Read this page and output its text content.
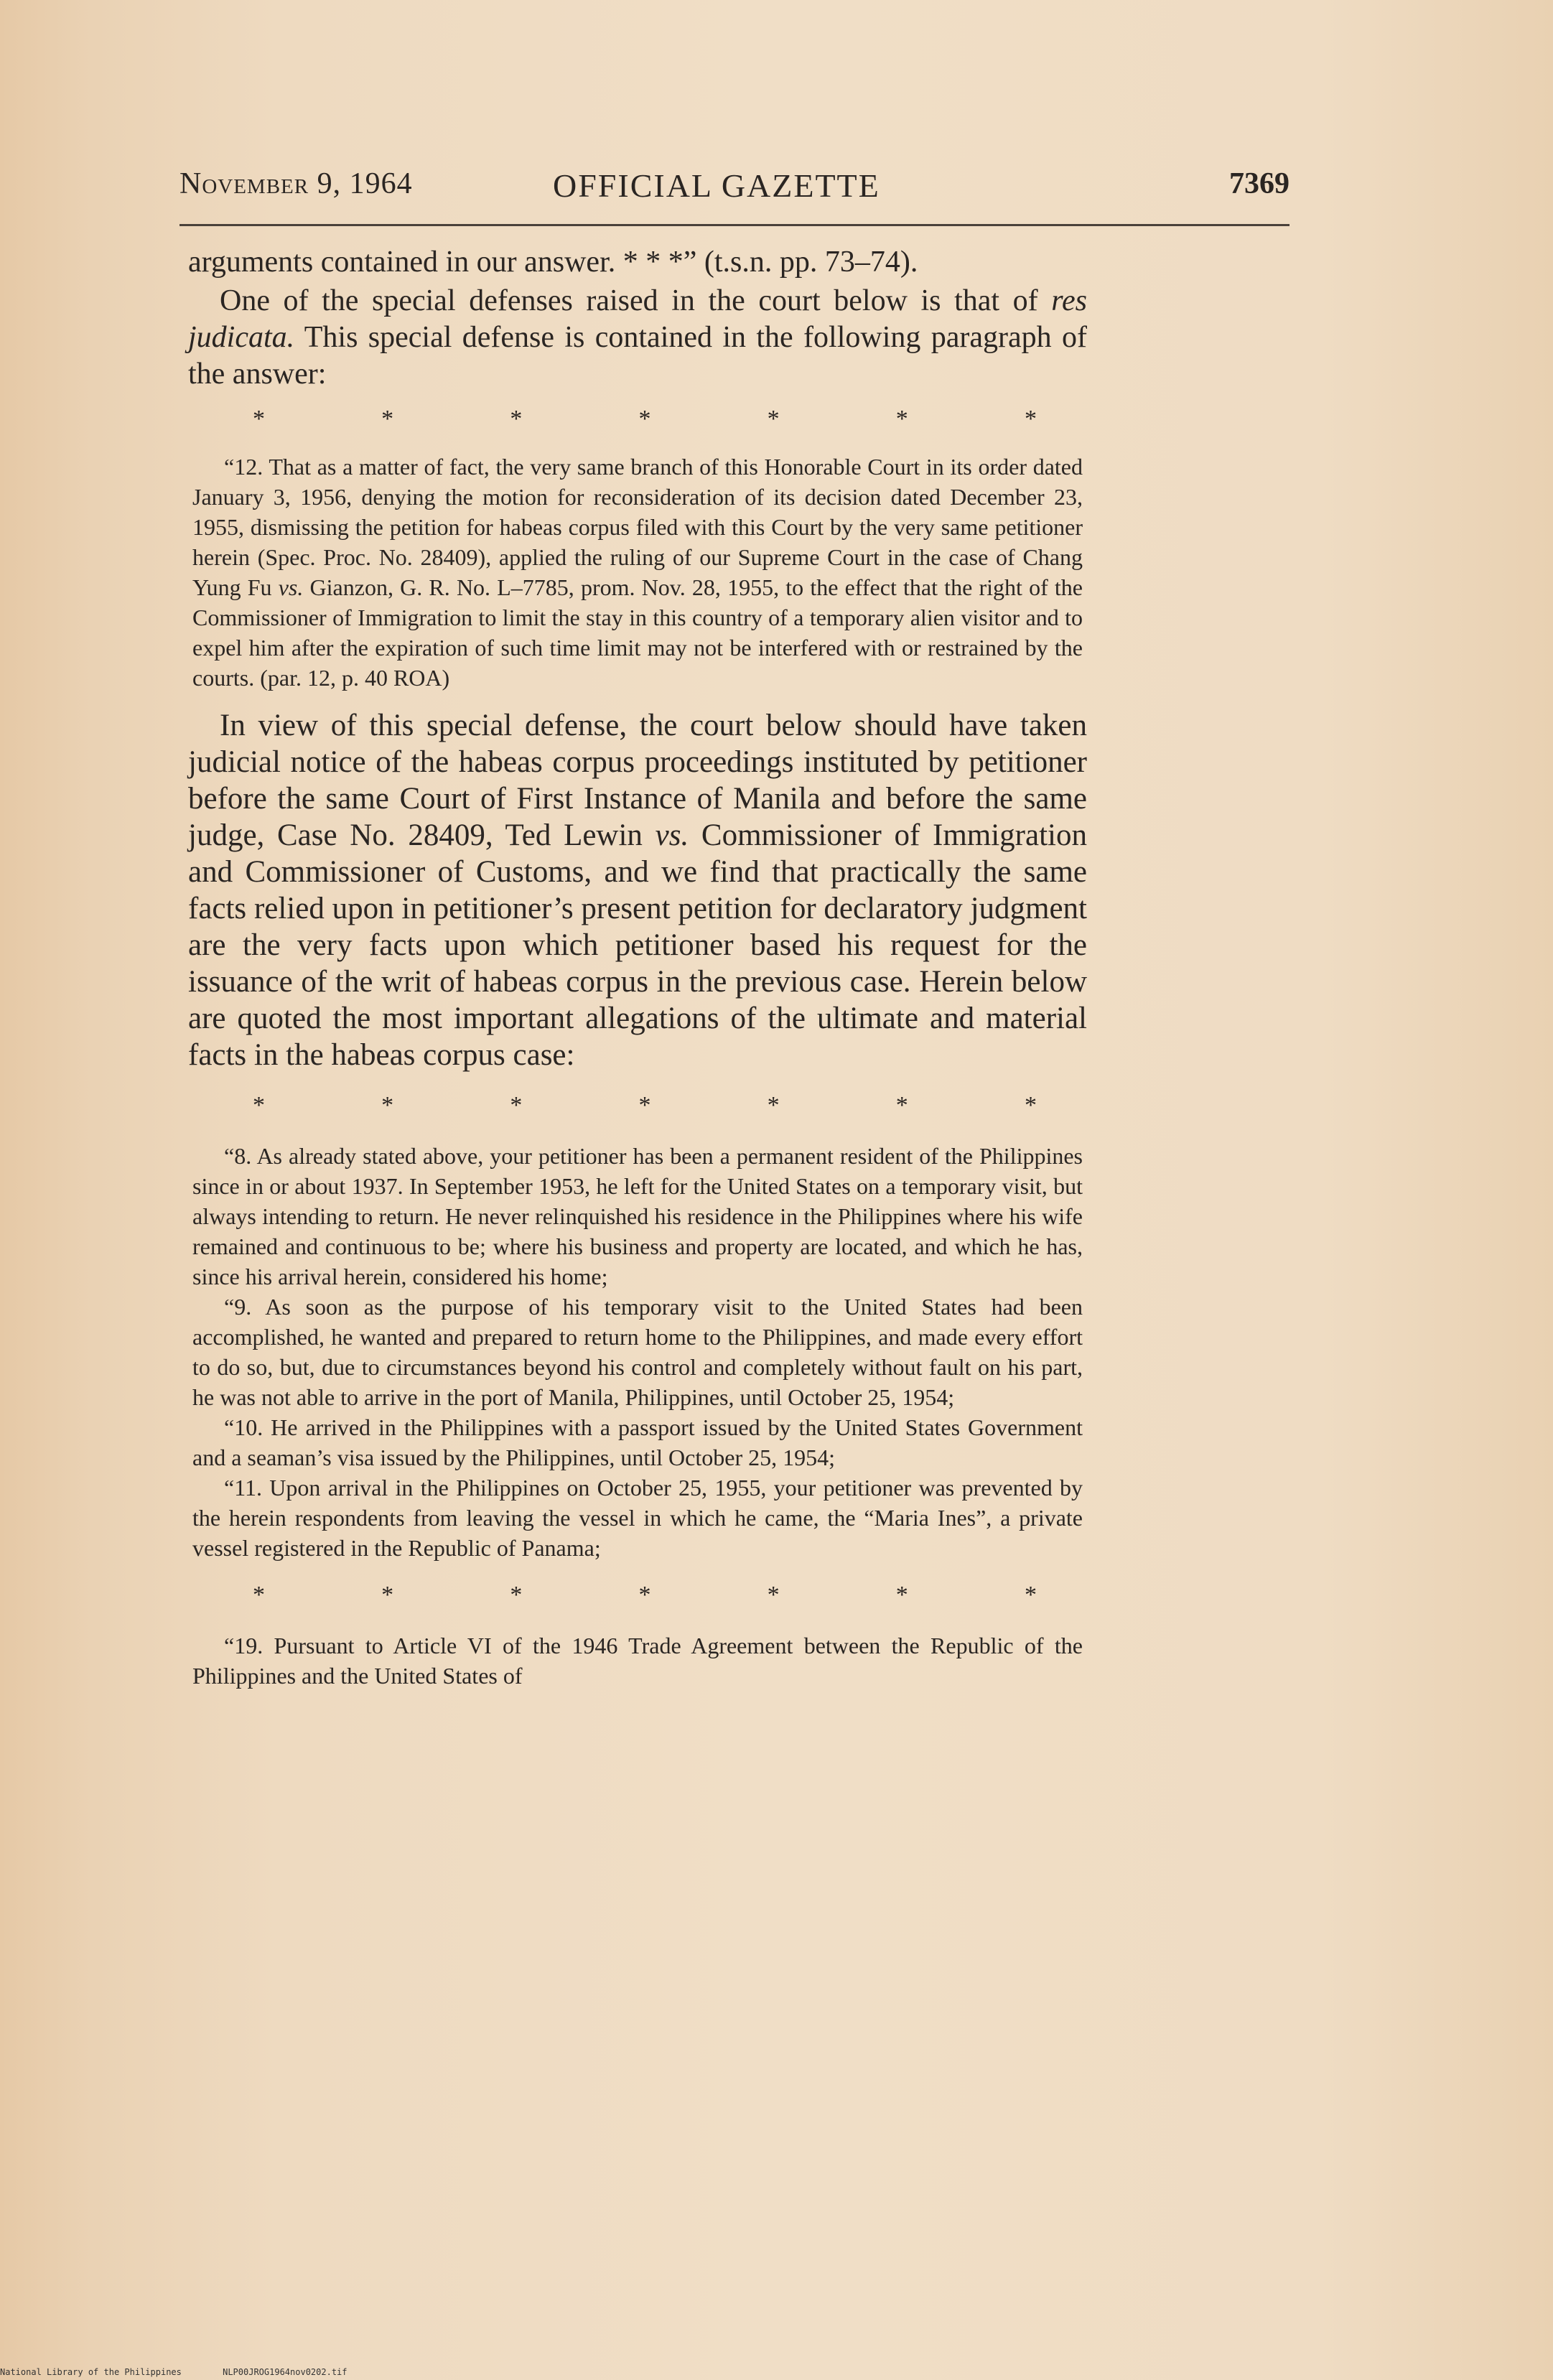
November 9, 1964	OFFICIAL GAZETTE	7369

arguments contained in our answer. * * *” (t.s.n. pp. 73–74).

One of the special defenses raised in the court below is that of res judicata. This special defense is contained in the following paragraph of the answer:

*	*	*	*	*	*	*

“12. That as a matter of fact, the very same branch of this Honorable Court in its order dated January 3, 1956, denying the motion for reconsideration of its decision dated December 23, 1955, dismissing the petition for habeas corpus filed with this Court by the very same petitioner herein (Spec. Proc. No. 28409), applied the ruling of our Supreme Court in the case of Chang Yung Fu vs. Gianzon, G. R. No. L–7785, prom. Nov. 28, 1955, to the effect that the right of the Commissioner of Immigration to limit the stay in this country of a temporary alien visitor and to expel him after the expiration of such time limit may not be interfered with or restrained by the courts. (par. 12, p. 40 ROA)

In view of this special defense, the court below should have taken judicial notice of the habeas corpus proceedings instituted by petitioner before the same Court of First Instance of Manila and before the same judge, Case No. 28409, Ted Lewin vs. Commissioner of Immigration and Commissioner of Customs, and we find that practically the same facts relied upon in petitioner’s present petition for declaratory judgment are the very facts upon which petitioner based his request for the issuance of the writ of habeas corpus in the previous case. Herein below are quoted the most important allegations of the ultimate and material facts in the habeas corpus case:

*	*	*	*	*	*	*

“8. As already stated above, your petitioner has been a permanent resident of the Philippines since in or about 1937. In September 1953, he left for the United States on a temporary visit, but always intending to return. He never relinquished his residence in the Philippines where his wife remained and continuous to be; where his business and property are located, and which he has, since his arrival herein, considered his home;

“9. As soon as the purpose of his temporary visit to the United States had been accomplished, he wanted and prepared to return home to the Philippines, and made every effort to do so, but, due to circumstances beyond his control and completely without fault on his part, he was not able to arrive in the port of Manila, Philippines, until October 25, 1954;

“10. He arrived in the Philippines with a passport issued by the United States Government and a seaman’s visa issued by the Philippines, until October 25, 1954;

“11. Upon arrival in the Philippines on October 25, 1955, your petitioner was prevented by the herein respondents from leaving the vessel in which he came, the “Maria Ines”, a private vessel registered in the Republic of Panama;

*	*	*	*	*	*	*

“19. Pursuant to Article VI of the 1946 Trade Agreement between the Republic of the Philippines and the United States of

National Library of the Philippines	NLP00JROG1964nov0202.tif
